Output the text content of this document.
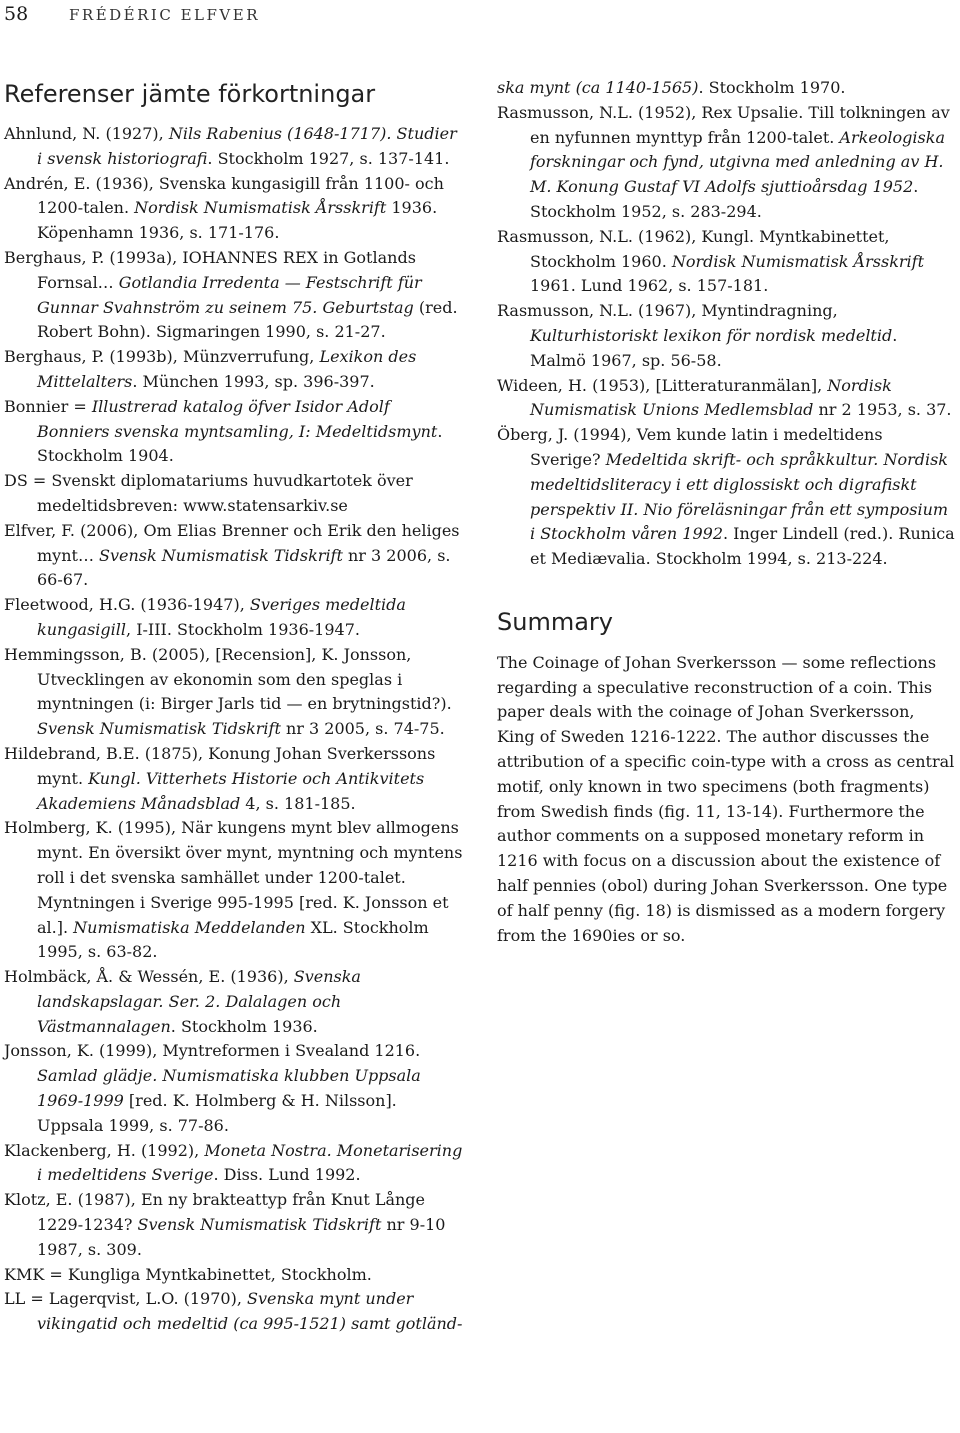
58	FRÉDÉRIC ELFVER
Referenser jämte förkortningar

Ahnlund, N. (1927), Nils Rabenius (1648-1717). Studier i svensk historiografi. Stockholm 1927, s. 137-141.

Andrén, E. (1936), Svenska kungasigill från 1100- och 1200-talen. Nordisk Numismatisk Årsskrift 1936. Köpenhamn 1936, s. 171-176.

Berghaus, P. (1993a), IOHANNES REX in Gotlands Fornsal… Gotlandia Irredenta — Festschrift für Gunnar Svahnström zu seinem 75. Geburtstag (red. Robert Bohn). Sigmaringen 1990, s. 21-27.

Berghaus, P. (1993b), Münzverrufung, Lexikon des Mittelalters. München 1993, sp. 396-397.

Bonnier = Illustrerad katalog öfver Isidor Adolf Bonniers svenska myntsamling, I: Medeltidsmynt. Stockholm 1904.

DS = Svenskt diplomatariums huvudkartotek över medeltidsbreven: www.statensarkiv.se

Elfver, F. (2006), Om Elias Brenner och Erik den heliges mynt… Svensk Numismatisk Tidskrift nr 3 2006, s. 66-67.

Fleetwood, H.G. (1936-1947), Sveriges medeltida kungasigill, I-III. Stockholm 1936-1947.

Hemmingsson, B. (2005), [Recension], K. Jonsson, Utvecklingen av ekonomin som den speglas i myntningen (i: Birger Jarls tid — en brytningstid?). Svensk Numismatisk Tidskrift nr 3 2005, s. 74-75.

Hildebrand, B.E. (1875), Konung Johan Sverkerssons mynt. Kungl. Vitterhets Historie och Antikvitets Akademiens Månadsblad 4, s. 181-185.

Holmberg, K. (1995), När kungens mynt blev allmogens mynt. En översikt över mynt, myntning och myntens roll i det svenska samhället under 1200-talet. Myntningen i Sverige 995-1995 [red. K. Jonsson et al.]. Numismatiska Meddelanden XL. Stockholm 1995, s. 63-82.

Holmbäck, Å. & Wessén, E. (1936), Svenska landskapslagar. Ser. 2. Dalalagen och Västmannalagen. Stockholm 1936.

Jonsson, K. (1999), Myntreformen i Svealand 1216. Samlad glädje. Numismatiska klubben Uppsala 1969-1999 [red. K. Holmberg & H. Nilsson]. Uppsala 1999, s. 77-86.

Klackenberg, H. (1992), Moneta Nostra. Monetarisering i medeltidens Sverige. Diss. Lund 1992.

Klotz, E. (1987), En ny brakteattyp från Knut Långe 1229-1234? Svensk Numismatisk Tidskrift nr 9-10 1987, s. 309.

KMK = Kungliga Myntkabinettet, Stockholm.

LL = Lagerqvist, L.O. (1970), Svenska mynt under vikingatid och medeltid (ca 995-1521) samt gotländ-

ska mynt (ca 1140-1565). Stockholm 1970.

Rasmusson, N.L. (1952), Rex Upsalie. Till tolkningen av en nyfunnen mynttyp från 1200-talet. Arkeologiska forskningar och fynd, utgivna med anledning av H. M. Konung Gustaf VI Adolfs sjuttioårsdag 1952. Stockholm 1952, s. 283-294.

Rasmusson, N.L. (1962), Kungl. Myntkabinettet, Stockholm 1960. Nordisk Numismatisk Årsskrift 1961. Lund 1962, s. 157-181.

Rasmusson, N.L. (1967), Myntindragning, Kulturhistoriskt lexikon för nordisk medeltid. Malmö 1967, sp. 56-58.

Wideen, H. (1953), [Litteraturanmälan], Nordisk Numismatisk Unions Medlemsblad nr 2 1953, s. 37.

Öberg, J. (1994), Vem kunde latin i medeltidens Sverige? Medeltida skrift- och språkkultur. Nordisk medeltidsliteracy i ett diglossiskt och digrafiskt perspektiv II. Nio föreläsningar från ett symposium i Stockholm våren 1992. Inger Lindell (red.). Runica et Mediævalia. Stockholm 1994, s. 213-224.

Summary

The Coinage of Johan Sverkersson — some reflections regarding a speculative reconstruction of a coin. This paper deals with the coinage of Johan Sverkersson, King of Sweden 1216-1222. The author discusses the attribution of a specific coin-type with a cross as central motif, only known in two specimens (both fragments) from Swedish finds (fig. 11, 13-14). Furthermore the author comments on a supposed monetary reform in 1216 with focus on a discussion about the existence of half pennies (obol) during Johan Sverkersson. One type of half penny (fig. 18) is dismissed as a modern forgery from the 1690ies or so.
